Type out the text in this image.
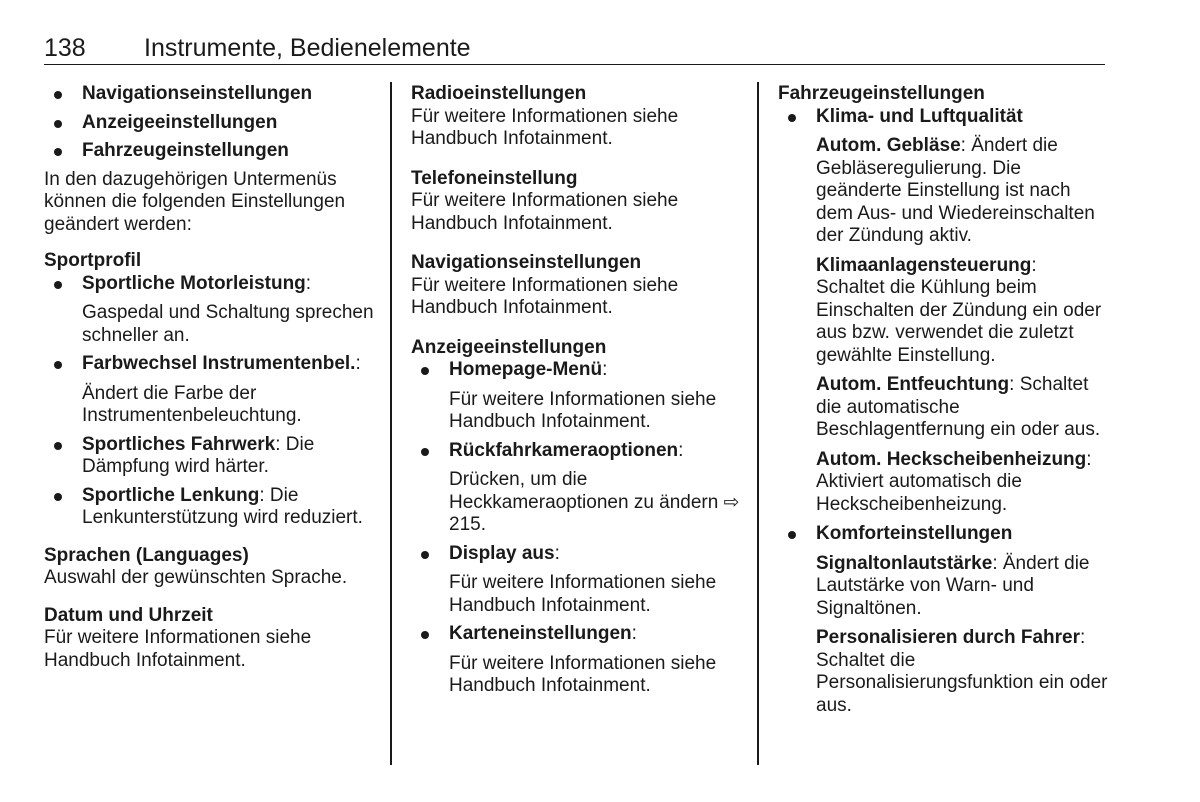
138 Instrumente, Bedienelemente
Navigationseinstellungen
Anzeigeeinstellungen
Fahrzeugeinstellungen

In den dazugehörigen Untermenüs können die folgenden Einstellungen geändert werden:

Sportprofil
Sportliche Motorleistung:
Gaspedal und Schaltung sprechen schneller an.
Farbwechsel Instrumentenbel.:
Ändert die Farbe der Instrumentenbeleuchtung.
Sportliches Fahrwerk: Die Dämpfung wird härter.
Sportliche Lenkung: Die Lenkunterstützung wird reduziert.
Sprachen (Languages)
Auswahl der gewünschten Sprache.
Datum und Uhrzeit
Für weitere Informationen siehe Handbuch Infotainment.
Radioeinstellungen
Für weitere Informationen siehe Handbuch Infotainment.
Telefoneinstellung
Für weitere Informationen siehe Handbuch Infotainment.
Navigationseinstellungen
Für weitere Informationen siehe Handbuch Infotainment.
Anzeigeeinstellungen
Homepage-Menü:
Für weitere Informationen siehe Handbuch Infotainment.
Rückfahrkameraoptionen:
Drücken, um die Heckkameraoptionen zu ändern ⇨ 215.
Display aus:
Für weitere Informationen siehe Handbuch Infotainment.
Karteneinstellungen:
Für weitere Informationen siehe Handbuch Infotainment.
Fahrzeugeinstellungen
Klima- und Luftqualität
Autom. Gebläse: Ändert die Gebläseregulierung. Die geänderte Einstellung ist nach dem Aus- und Wiedereinschalten der Zündung aktiv.
Klimaanlagensteuerung: Schaltet die Kühlung beim Einschalten der Zündung ein oder aus bzw. verwendet die zuletzt gewählte Einstellung.
Autom. Entfeuchtung: Schaltet die automatische Beschlagentfernung ein oder aus.
Autom. Heckscheibenheizung: Aktiviert automatisch die Heckscheibenheizung.
Komforteinstellungen
Signaltonlautstärke: Ändert die Lautstärke von Warn- und Signaltönen.
Personalisieren durch Fahrer: Schaltet die Personalisierungsfunktion ein oder aus.
